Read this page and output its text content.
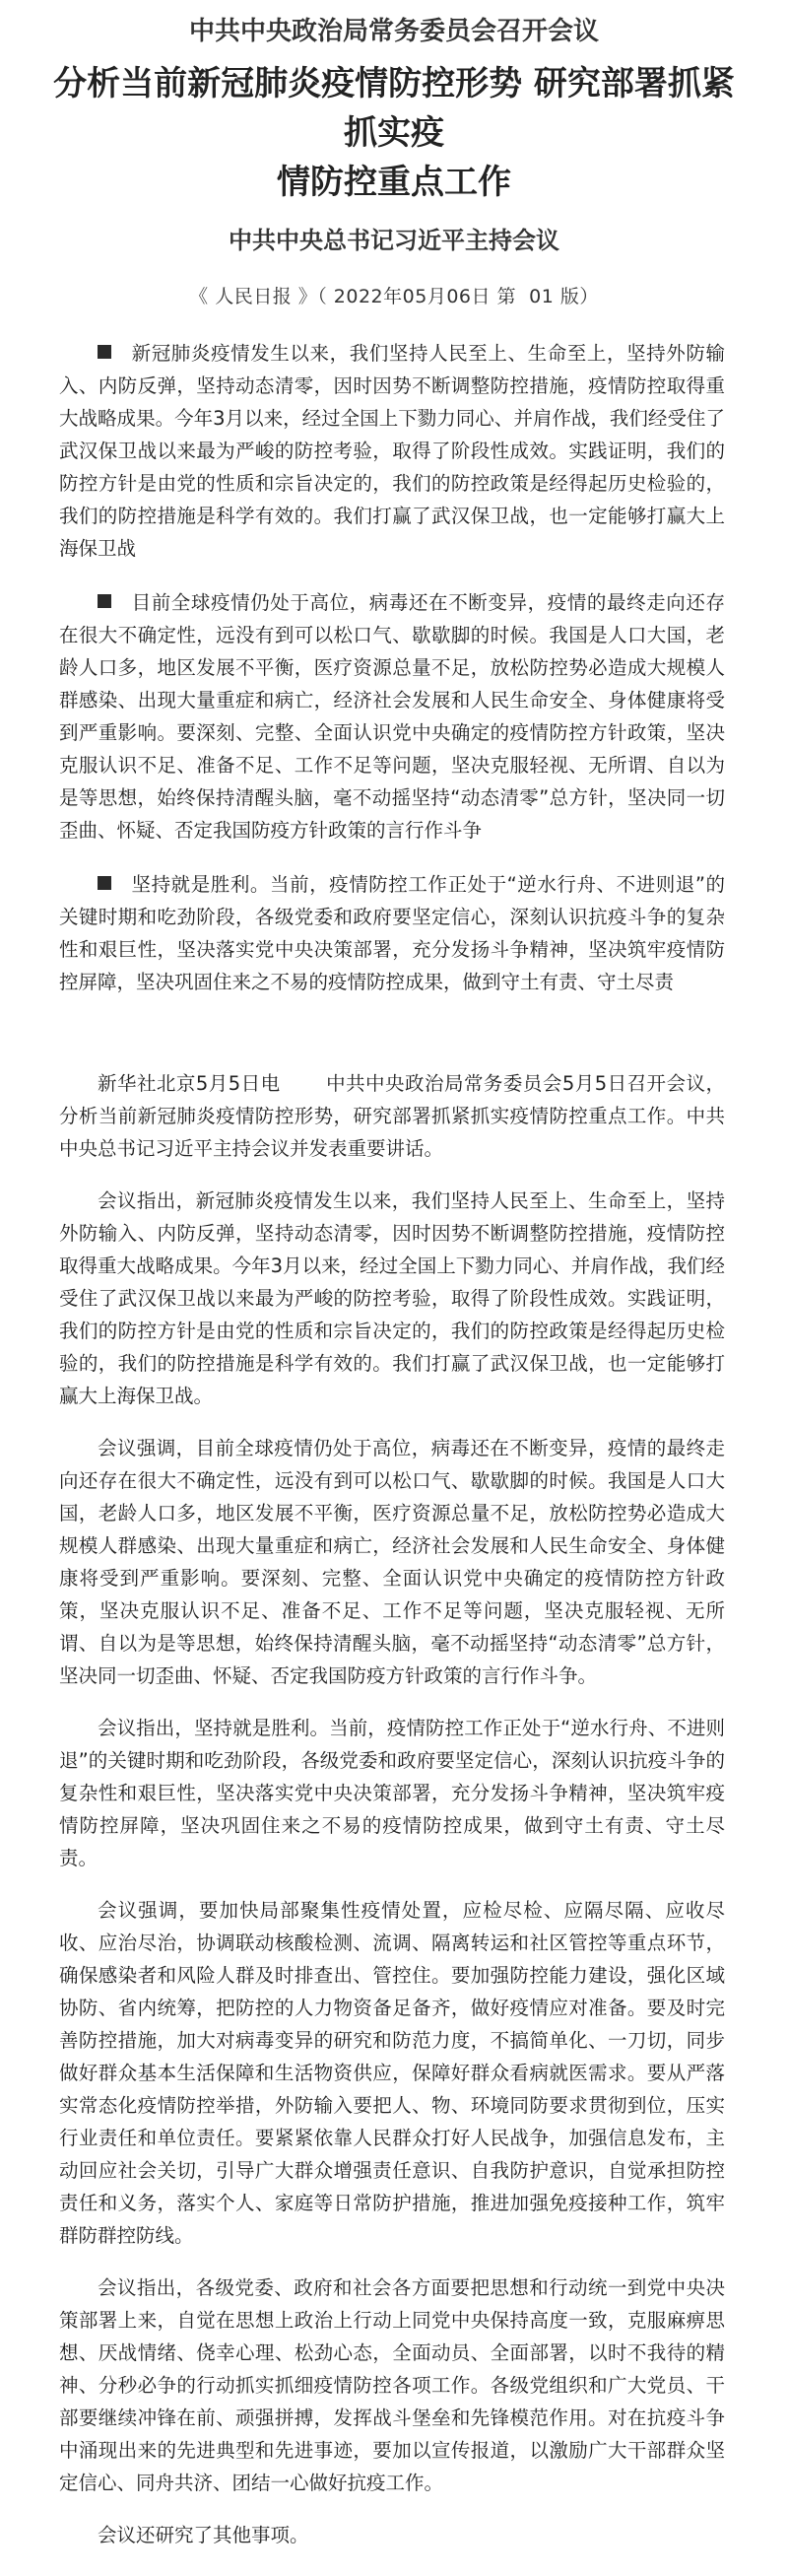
中共中央政治局常务委员会召开会议

分析当前新冠肺炎疫情防控形势 研究部署抓紧抓实疫
情防控重点工作
中共中央总书记习近平主持会议

《 人民日报 》（ 2022年05月06日 第  01 版）

新冠肺炎疫情发生以来，我们坚持人民至上、生命至上，坚持外防输入、内防反弹，坚持动态清零，因时因势不断调整防控措施，疫情防控取得重大战略成果。今年3月以来，经过全国上下勠力同心、并肩作战，我们经受住了武汉保卫战以来最为严峻的防控考验，取得了阶段性成效。实践证明，我们的防控方针是由党的性质和宗旨决定的，我们的防控政策是经得起历史检验的，我们的防控措施是科学有效的。我们打赢了武汉保卫战，也一定能够打赢大上海保卫战

目前全球疫情仍处于高位，病毒还在不断变异，疫情的最终走向还存在很大不确定性，远没有到可以松口气、歇歇脚的时候。我国是人口大国，老龄人口多，地区发展不平衡，医疗资源总量不足，放松防控势必造成大规模人群感染、出现大量重症和病亡，经济社会发展和人民生命安全、身体健康将受到严重影响。要深刻、完整、全面认识党中央确定的疫情防控方针政策，坚决克服认识不足、准备不足、工作不足等问题，坚决克服轻视、无所谓、自以为是等思想，始终保持清醒头脑，毫不动摇坚持“动态清零”总方针，坚决同一切歪曲、怀疑、否定我国防疫方针政策的言行作斗争

坚持就是胜利。当前，疫情防控工作正处于“逆水行舟、不进则退”的关键时期和吃劲阶段，各级党委和政府要坚定信心，深刻认识抗疫斗争的复杂性和艰巨性，坚决落实党中央决策部署，充分发扬斗争精神，坚决筑牢疫情防控屏障，坚决巩固住来之不易的疫情防控成果，做到守土有责、守土尽责

新华社北京5月5日电 中共中央政治局常务委员会5月5日召开会议，分析当前新冠肺炎疫情防控形势，研究部署抓紧抓实疫情防控重点工作。中共中央总书记习近平主持会议并发表重要讲话。

会议指出，新冠肺炎疫情发生以来，我们坚持人民至上、生命至上，坚持外防输入、内防反弹，坚持动态清零，因时因势不断调整防控措施，疫情防控取得重大战略成果。今年3月以来，经过全国上下勠力同心、并肩作战，我们经受住了武汉保卫战以来最为严峻的防控考验，取得了阶段性成效。实践证明，我们的防控方针是由党的性质和宗旨决定的，我们的防控政策是经得起历史检验的，我们的防控措施是科学有效的。我们打赢了武汉保卫战，也一定能够打赢大上海保卫战。

会议强调，目前全球疫情仍处于高位，病毒还在不断变异，疫情的最终走向还存在很大不确定性，远没有到可以松口气、歇歇脚的时候。我国是人口大国，老龄人口多，地区发展不平衡，医疗资源总量不足，放松防控势必造成大规模人群感染、出现大量重症和病亡，经济社会发展和人民生命安全、身体健康将受到严重影响。要深刻、完整、全面认识党中央确定的疫情防控方针政策，坚决克服认识不足、准备不足、工作不足等问题，坚决克服轻视、无所谓、自以为是等思想，始终保持清醒头脑，毫不动摇坚持“动态清零”总方针，坚决同一切歪曲、怀疑、否定我国防疫方针政策的言行作斗争。

会议指出，坚持就是胜利。当前，疫情防控工作正处于“逆水行舟、不进则退”的关键时期和吃劲阶段，各级党委和政府要坚定信心，深刻认识抗疫斗争的复杂性和艰巨性，坚决落实党中央决策部署，充分发扬斗争精神，坚决筑牢疫情防控屏障，坚决巩固住来之不易的疫情防控成果，做到守土有责、守土尽责。

会议强调，要加快局部聚集性疫情处置，应检尽检、应隔尽隔、应收尽收、应治尽治，协调联动核酸检测、流调、隔离转运和社区管控等重点环节，确保感染者和风险人群及时排查出、管控住。要加强防控能力建设，强化区域协防、省内统筹，把防控的人力物资备足备齐，做好疫情应对准备。要及时完善防控措施，加大对病毒变异的研究和防范力度，不搞简单化、一刀切，同步做好群众基本生活保障和生活物资供应，保障好群众看病就医需求。要从严落实常态化疫情防控举措，外防输入要把人、物、环境同防要求贯彻到位，压实行业责任和单位责任。要紧紧依靠人民群众打好人民战争，加强信息发布，主动回应社会关切，引导广大群众增强责任意识、自我防护意识，自觉承担防控责任和义务，落实个人、家庭等日常防护措施，推进加强免疫接种工作，筑牢群防群控防线。

会议指出，各级党委、政府和社会各方面要把思想和行动统一到党中央决策部署上来，自觉在思想上政治上行动上同党中央保持高度一致，克服麻痹思想、厌战情绪、侥幸心理、松劲心态，全面动员、全面部署，以时不我待的精神、分秒必争的行动抓实抓细疫情防控各项工作。各级党组织和广大党员、干部要继续冲锋在前、顽强拼搏，发挥战斗堡垒和先锋模范作用。对在抗疫斗争中涌现出来的先进典型和先进事迹，要加以宣传报道，以激励广大干部群众坚定信心、同舟共济、团结一心做好抗疫工作。

会议还研究了其他事项。
